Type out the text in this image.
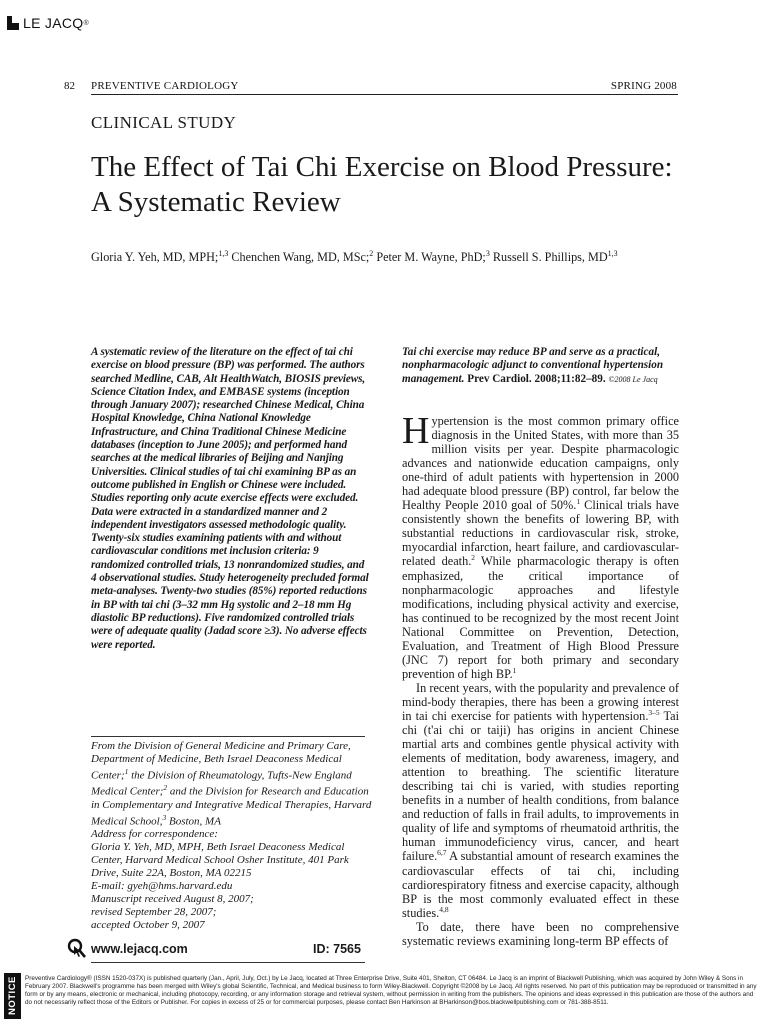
LE JACQ ®
82 PREVENTIVE CARDIOLOGY	SPRING 2008
CLINICAL STUDY
The Effect of Tai Chi Exercise on Blood Pressure: A Systematic Review
Gloria Y. Yeh, MD, MPH;$^{1,3}$ Chenchen Wang, MD, MSc;$^2$ Peter M. Wayne, PhD;$^3$ Russell S. Phillips, MD$^{1,3}$

A systematic review of the literature on the effect of tai chi exercise on blood pressure (BP) was performed. The authors searched Medline, CAB, Alt HealthWatch, BIOSIS previews, Science Citation Index, and EMBASE systems (inception through January 2007); researched Chinese Medical, China Hospital Knowledge, China National Knowledge Infrastructure, and China Traditional Chinese Medicine databases (inception to June 2005); and performed hand searches at the medical libraries of Beijing and Nanjing Universities. Clinical studies of tai chi examining BP as an outcome published in English or Chinese were included. Studies reporting only acute exercise effects were excluded. Data were extracted in a standardized manner and 2 independent investigators assessed methodologic quality. Twenty-six studies examining patients with and without cardiovascular conditions met inclusion criteria: 9 randomized controlled trials, 13 nonrandomized studies, and 4 observational studies. Study heterogeneity precluded formal meta-analyses. Twenty-two studies (85%) reported reductions in BP with tai chi (3–32 mm Hg systolic and 2–18 mm Hg diastolic BP reductions). Five randomized controlled trials were of adequate quality (Jadad score ≥3). No adverse effects were reported.

From the Division of General Medicine and Primary Care, Department of Medicine, Beth Israel Deaconess Medical Center;$^1$ the Division of Rheumatology, Tufts-New England Medical Center;$^2$ and the Division for Research and Education in Complementary and Integrative Medical Therapies, Harvard Medical School,$^3$ Boston, MA
Address for correspondence:
Gloria Y. Yeh, MD, MPH, Beth Israel Deaconess Medical Center, Harvard Medical School Osher Institute, 401 Park Drive, Suite 22A, Boston, MA 02215
E-mail: gyeh@hms.harvard.edu
Manuscript received August 8, 2007;
revised September 28, 2007;
accepted October 9, 2007
www.lejacq.com	ID: 7565

Tai chi exercise may reduce BP and serve as a practical, nonpharmacologic adjunct to conventional hypertension management. Prev Cardiol. 2008;11:82–89. ©2008 Le Jacq

Hypertension is the most common primary office diagnosis in the United States, with more than 35 million visits per year. Despite pharmacologic advances and nationwide education campaigns, only one-third of adult patients with hypertension in 2000 had adequate blood pressure (BP) control, far below the Healthy People 2010 goal of 50%.$^1$ Clinical trials have consistently shown the benefits of lowering BP, with substantial reductions in cardiovascular risk, stroke, myocardial infarction, heart failure, and cardiovascular-related death.$^2$ While pharmacologic therapy is often emphasized, the critical importance of nonpharmacologic approaches and lifestyle modifications, including physical activity and exercise, has continued to be recognized by the most recent Joint National Committee on Prevention, Detection, Evaluation, and Treatment of High Blood Pressure (JNC 7) report for both primary and secondary prevention of high BP.$^1$

In recent years, with the popularity and prevalence of mind-body therapies, there has been a growing interest in tai chi exercise for patients with hypertension.$^{3-5}$ Tai chi (t'ai chi or taiji) has origins in ancient Chinese martial arts and combines gentle physical activity with elements of meditation, body awareness, imagery, and attention to breathing. The scientific literature describing tai chi is varied, with studies reporting benefits in a number of health conditions, from balance and reduction of falls in frail adults, to improvements in quality of life and symptoms of rheumatoid arthritis, the human immunodeficiency virus, cancer, and heart failure.$^{6,7}$ A substantial amount of research examines the cardiovascular effects of tai chi, including cardiorespiratory fitness and exercise capacity, although BP is the most commonly evaluated effect in these studies.$^{4,8}$

To date, there have been no comprehensive systematic reviews examining long-term BP effects of

NOTICE Preventive Cardiology® (ISSN 1520-037X) is published quarterly (Jan., April, July, Oct.) by Le Jacq, located at Three Enterprise Drive, Suite 401, Shelton, CT 06484. Le Jacq is an imprint of Blackwell Publishing, which was acquired by John Wiley & Sons in February 2007. Blackwell's programme has been merged with Wiley's global Scientific, Technical, and Medical business to form Wiley-Blackwell. Copyright ©2008 by Le Jacq. All rights reserved. No part of this publication may be reproduced or transmitted in any form or by any means, electronic or mechanical, including photocopy, recording, or any information storage and retrieval system, without permission in writing from the publishers. The opinions and ideas expressed in this publication are those of the authors and do not necessarily reflect those of the Editors or Publisher. For copies in excess of 25 or for commercial purposes, please contact Ben Harkinson at BHarkinson@bos.blackwellpublishing.com or 781-388-8511.
